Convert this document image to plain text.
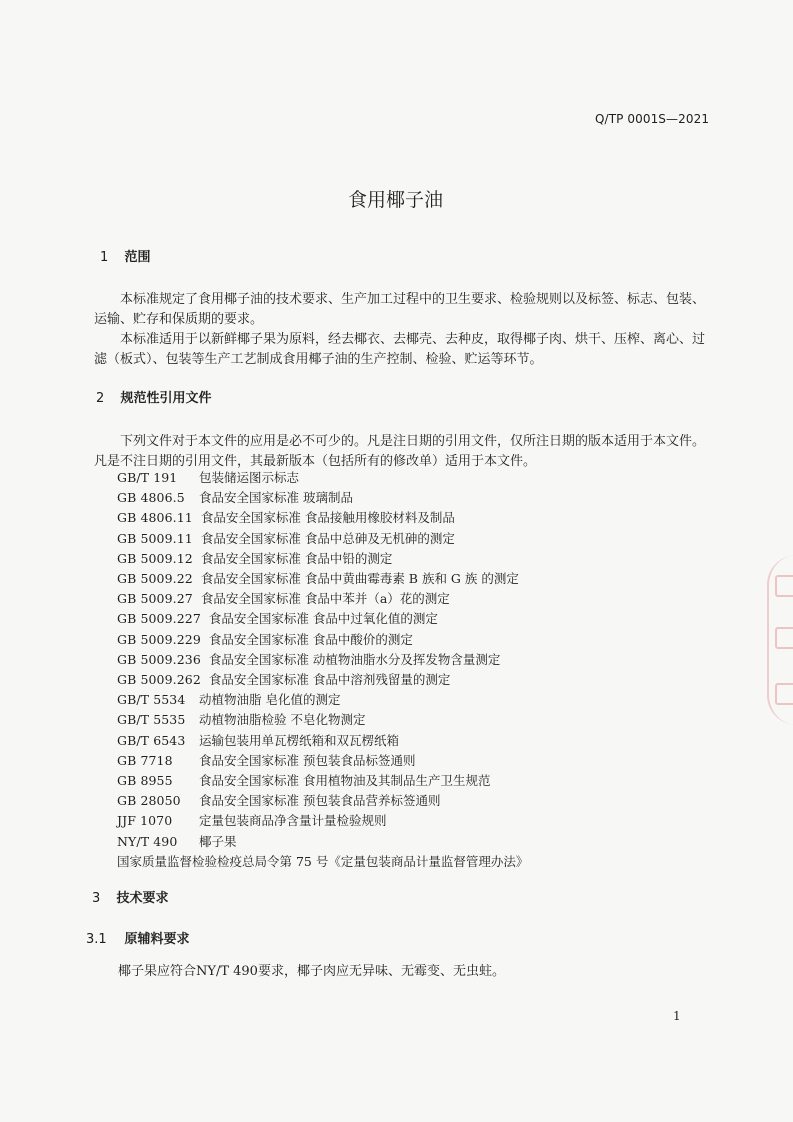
Q/TP 0001S—2021
食用椰子油
1 范围
本标准规定了食用椰子油的技术要求、生产加工过程中的卫生要求、检验规则以及标签、标志、包装、运输、贮存和保质期的要求。
本标准适用于以新鲜椰子果为原料，经去椰衣、去椰壳、去种皮，取得椰子肉、烘干、压榨、离心、过滤（板式）、包装等生产工艺制成食用椰子油的生产控制、检验、贮运等环节。
2 规范性引用文件
下列文件对于本文件的应用是必不可少的。凡是注日期的引用文件，仅所注日期的版本适用于本文件。凡是不注日期的引用文件，其最新版本（包括所有的修改单）适用于本文件。
GB/T 191 包装储运图示标志
GB 4806.5 食品安全国家标准 玻璃制品
GB 4806.11 食品安全国家标准 食品接触用橡胶材料及制品
GB 5009.11 食品安全国家标准 食品中总砷及无机砷的测定
GB 5009.12 食品安全国家标准 食品中铅的测定
GB 5009.22 食品安全国家标准 食品中黄曲霉毒素 B 族和 G 族 的测定
GB 5009.27 食品安全国家标准 食品中苯并（a）花的测定
GB 5009.227 食品安全国家标准 食品中过氧化值的测定
GB 5009.229 食品安全国家标准 食品中酸价的测定
GB 5009.236 食品安全国家标准 动植物油脂水分及挥发物含量测定
GB 5009.262 食品安全国家标准 食品中溶剂残留量的测定
GB/T 5534 动植物油脂 皂化值的测定
GB/T 5535 动植物油脂检验 不皂化物测定
GB/T 6543 运输包装用单瓦楞纸箱和双瓦楞纸箱
GB 7718 食品安全国家标准 预包装食品标签通则
GB 8955 食品安全国家标准 食用植物油及其制品生产卫生规范
GB 28050 食品安全国家标准 预包装食品营养标签通则
JJF 1070 定量包装商品净含量计量检验规则
NY/T 490 椰子果
国家质量监督检验检疫总局令第 75 号《定量包装商品计量监督管理办法》
3 技术要求
3.1 原辅料要求
椰子果应符合NY/T 490要求，椰子肉应无异味、无霉变、无虫蛀。
1
